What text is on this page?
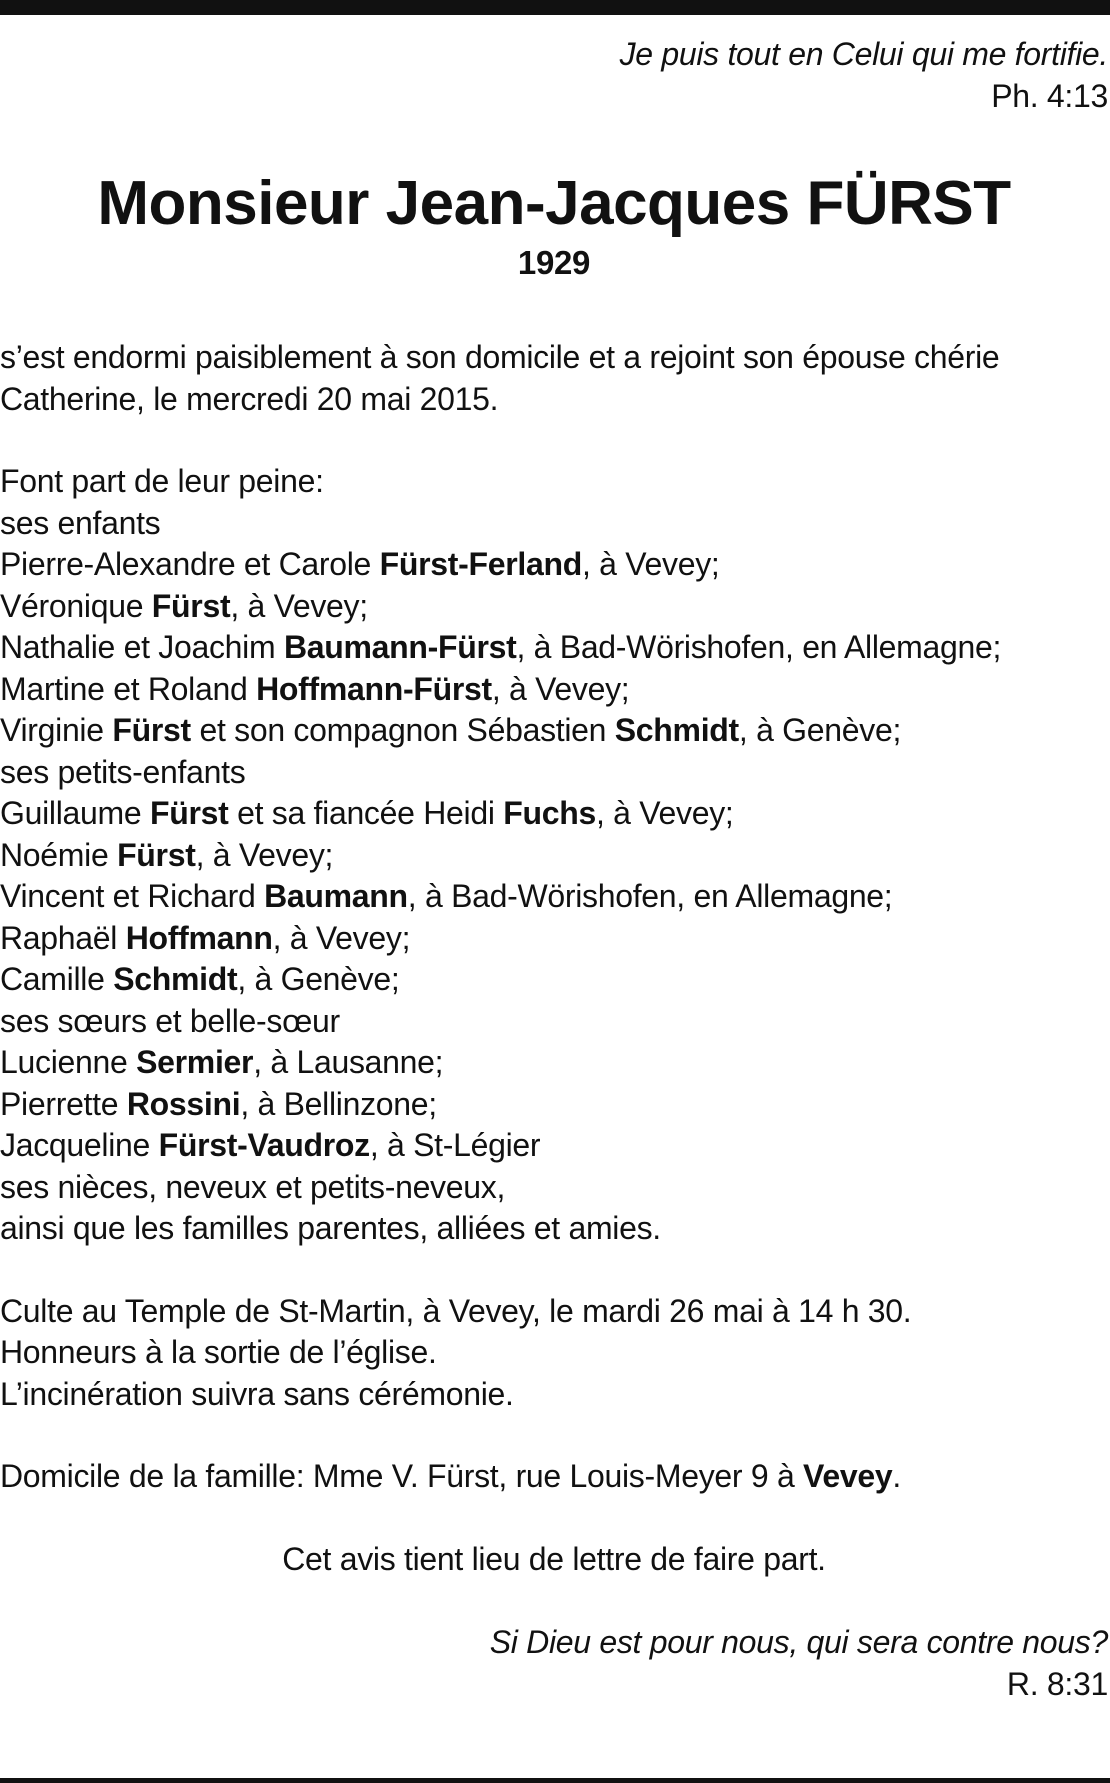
Je puis tout en Celui qui me fortifie.
Ph. 4:13
Monsieur Jean-Jacques FÜRST
1929
s’est endormi paisiblement à son domicile et a rejoint son épouse chérie
Catherine, le mercredi 20 mai 2015.
Font part de leur peine:
ses enfants
Pierre-Alexandre et Carole Fürst-Ferland, à Vevey;
Véronique Fürst, à Vevey;
Nathalie et Joachim Baumann-Fürst, à Bad-Wörishofen, en Allemagne;
Martine et Roland Hoffmann-Fürst, à Vevey;
Virginie Fürst et son compagnon Sébastien Schmidt, à Genève;
ses petits-enfants
Guillaume Fürst et sa fiancée Heidi Fuchs, à Vevey;
Noémie Fürst, à Vevey;
Vincent et Richard Baumann, à Bad-Wörishofen, en Allemagne;
Raphaël Hoffmann, à Vevey;
Camille Schmidt, à Genève;
ses sœurs et belle-sœur
Lucienne Sermier, à Lausanne;
Pierrette Rossini, à Bellinzone;
Jacqueline Fürst-Vaudroz, à St-Légier
ses nièces, neveux et petits-neveux,
ainsi que les familles parentes, alliées et amies.
Culte au Temple de St-Martin, à Vevey, le mardi 26 mai à 14 h 30.
Honneurs à la sortie de l’église.
L’incinération suivra sans cérémonie.
Domicile de la famille: Mme V. Fürst, rue Louis-Meyer 9 à Vevey.
Cet avis tient lieu de lettre de faire part.
Si Dieu est pour nous, qui sera contre nous?
R. 8:31
